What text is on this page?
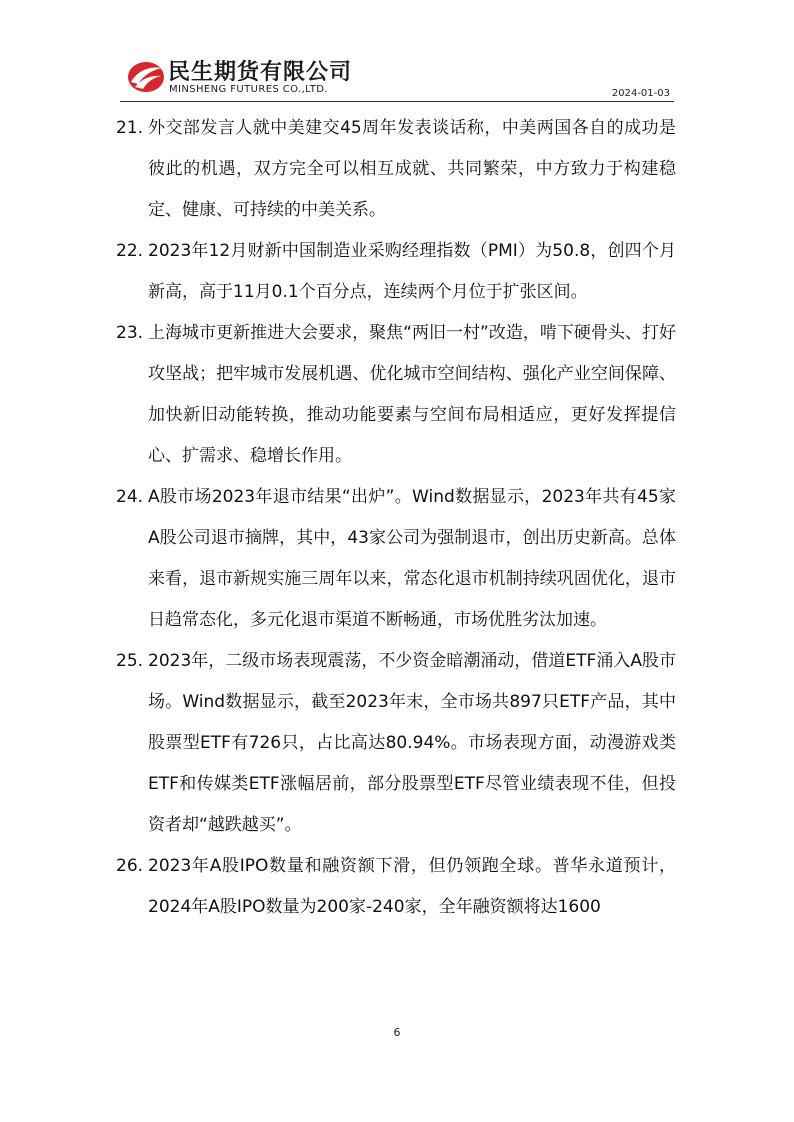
民生期货有限公司
MINSHENG FUTURES CO.,LTD.	2024-01-03
21. 外交部发言人就中美建交45周年发表谈话称，中美两国各自的成功是彼此的机遇，双方完全可以相互成就、共同繁荣，中方致力于构建稳定、健康、可持续的中美关系。
22. 2023年12月财新中国制造业采购经理指数（PMI）为50.8，创四个月新高，高于11月0.1个百分点，连续两个月位于扩张区间。
23. 上海城市更新推进大会要求，聚焦“两旧一村”改造，啃下硬骨头、打好攻坚战；把牢城市发展机遇、优化城市空间结构、强化产业空间保障、加快新旧动能转换，推动功能要素与空间布局相适应，更好发挥提信心、扩需求、稳增长作用。
24. A股市场2023年退市结果“出炉”。Wind数据显示，2023年共有45家A股公司退市摘牌，其中，43家公司为强制退市，创出历史新高。总体来看，退市新规实施三周年以来，常态化退市机制持续巩固优化，退市日趋常态化，多元化退市渠道不断畅通，市场优胜劣汰加速。
25. 2023年，二级市场表现震荡，不少资金暗潮涌动，借道ETF涌入A股市场。Wind数据显示，截至2023年末，全市场共897只ETF产品，其中股票型ETF有726只，占比高达80.94%。市场表现方面，动漫游戏类ETF和传媒类ETF涨幅居前，部分股票型ETF尽管业绩表现不佳，但投资者却“越跌越买”。
26. 2023年A股IPO数量和融资额下滑，但仍领跑全球。普华永道预计，2024年A股IPO数量为200家-240家，全年融资额将达1600
6
